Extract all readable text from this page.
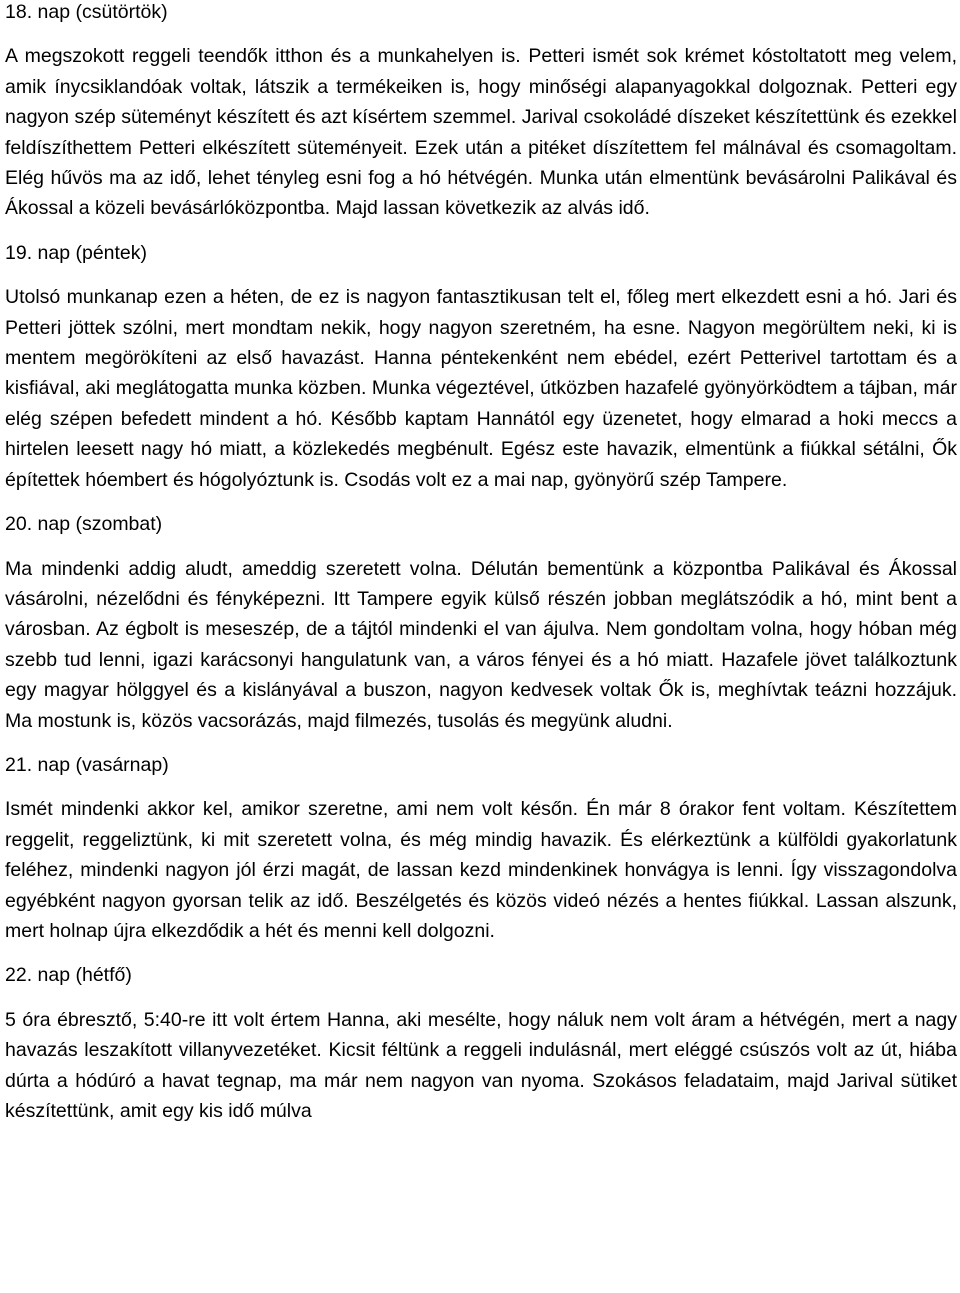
18. nap (csütörtök)

A megszokott reggeli teendők itthon és a munkahelyen is. Petteri ismét sok krémet kóstoltatott meg velem, amik ínycsiklandóak voltak, látszik a termékeiken is, hogy minőségi alapanyagokkal dolgoznak. Petteri egy nagyon szép süteményt készített és azt kísértem szemmel. Jarival csokoládé díszeket készítettünk és ezekkel feldíszíthettem Petteri elkészített süteményeit. Ezek után a pitéket díszítettem fel málnával és csomagoltam. Elég hűvös ma az idő, lehet tényleg esni fog a hó hétvégén. Munka után elmentünk bevásárolni Palikával és Ákossal a közeli bevásárlóközpontba. Majd lassan következik az alvás idő.

19. nap (péntek)

Utolsó munkanap ezen a héten, de ez is nagyon fantasztikusan telt el, főleg mert elkezdett esni a hó. Jari és Petteri jöttek szólni, mert mondtam nekik, hogy nagyon szeretném, ha esne. Nagyon megörültem neki, ki is mentem megörökíteni az első havazást. Hanna péntekenként nem ebédel, ezért Petterivel tartottam és a kisfiával, aki meglátogatta munka közben. Munka végeztével, útközben hazafelé gyönyörködtem a tájban, már elég szépen befedett mindent a hó. Később kaptam Hannától egy üzenetet, hogy elmarad a hoki meccs a hirtelen leesett nagy hó miatt, a közlekedés megbénult. Egész este havazik, elmentünk a fiúkkal sétálni, Ők építettek hóembert és hógolyóztunk is. Csodás volt ez a mai nap, gyönyörű szép Tampere.

20. nap (szombat)

Ma mindenki addig aludt, ameddig szeretett volna. Délután bementünk a központba Palikával és Ákossal vásárolni, nézelődni és fényképezni. Itt Tampere egyik külső részén jobban meglátszódik a hó, mint bent a városban. Az égbolt is meseszép, de a tájtól mindenki el van ájulva. Nem gondoltam volna, hogy hóban még szebb tud lenni, igazi karácsonyi hangulatunk van, a város fényei és a hó miatt. Hazafele jövet találkoztunk egy magyar hölggyel és a kislányával a buszon, nagyon kedvesek voltak Ők is, meghívtak teázni hozzájuk. Ma mostunk is, közös vacsorázás, majd filmezés, tusolás és megyünk aludni.

21. nap (vasárnap)

Ismét mindenki akkor kel, amikor szeretne, ami nem volt későn. Én már 8 órakor fent voltam. Készítettem reggelit, reggeliztünk, ki mit szeretett volna, és még mindig havazik. És elérkeztünk a külföldi gyakorlatunk feléhez, mindenki nagyon jól érzi magát, de lassan kezd mindenkinek honvágya is lenni. Így visszagondolva egyébként nagyon gyorsan telik az idő. Beszélgetés és közös videó nézés a hentes fiúkkal. Lassan alszunk, mert holnap újra elkezdődik a hét és menni kell dolgozni.

22. nap (hétfő)

5 óra ébresztő, 5:40-re itt volt értem Hanna, aki mesélte, hogy náluk nem volt áram a hétvégén, mert a nagy havazás leszakított villanyvezetéket. Kicsit féltünk a reggeli indulásnál, mert eléggé csúszós volt az út, hiába dúrta a hódúró a havat tegnap, ma már nem nagyon van nyoma. Szokásos feladataim, majd Jarival sütiket készítettünk, amit egy kis idő múlva
